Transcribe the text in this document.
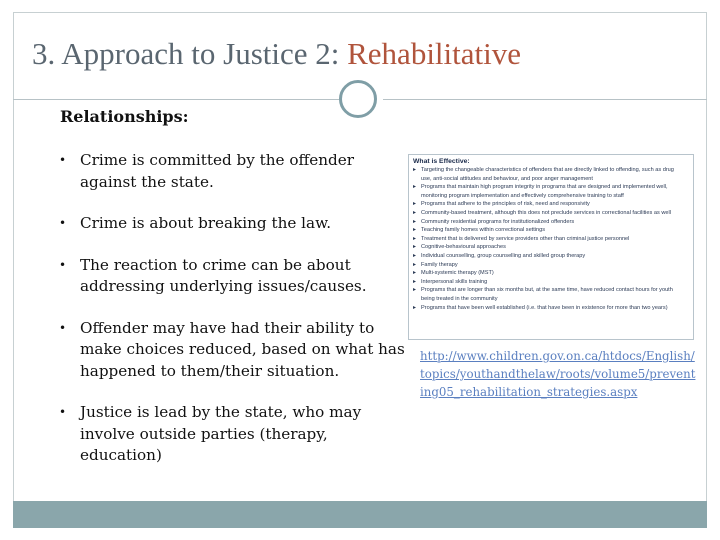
3. Approach to Justice 2: Rehabilitative
Relationships:
• Crime is committed by the offender against the state.
• Crime is about breaking the law.
• The reaction to crime can be about addressing underlying issues/causes.
• Offender may have had their ability to make choices reduced, based on what has happened to them/their situation.
• Justice is lead by the state, who may involve outside parties (therapy, education)
What is Effective:
▸ Targeting the changeable characteristics of offenders that are directly linked to offending, such as drug
use, anti-social attitudes and behaviour, and poor anger management
▸ Programs that maintain high program integrity in programs that are designed and implemented well,
monitoring program implementation and effectively comprehensive training to staff
▸ Programs that adhere to the principles of risk, need and responsivity
▸ Community-based treatment, although this does not preclude services in correctional facilities as well
▸ Community residential programs for institutionalized offenders
▸ Teaching family homes within correctional settings
▸ Treatment that is delivered by service providers other than criminal justice personnel
▸ Cognitive-behavioural approaches
▸ Individual counselling, group counselling and skilled group therapy
▸ Family therapy
▸ Multi-systemic therapy (MST)
▸ Interpersonal skills training
▸ Programs that are longer than six months but, at the same time, have reduced contact hours for youth
being treated in the community
▸ Programs that have been well established (i.e. that have been in existence for more than two years)
http://www.children.gov.on.ca/htdocs/English/topics/youthandthelaw/roots/volume5/preventing05_rehabilitation_strategies.aspx
